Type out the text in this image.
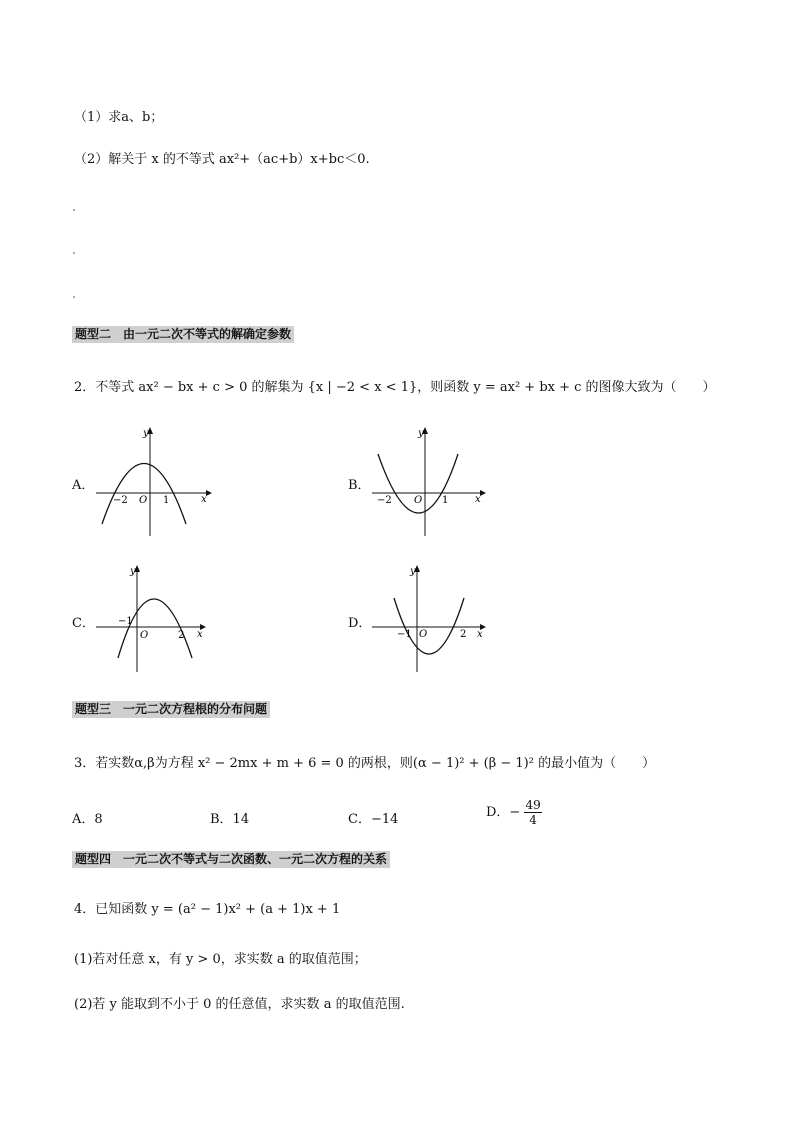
（1）求a、b；
（2）解关于 x 的不等式 ax²+（ac+b）x+bc＜0.
题型二　由一元二次不等式的解确定参数
2．不等式 ax² − bx + c > 0 的解集为 {x | −2 < x < 1}，则函数 y = ax² + bx + c 的图像大致为（　　）
A．
y
x
−2 O 1
B．
y
x
−2 O 1
C．
y
x
−1
O	2
D．
y
x
−1 O	2
题型三　一元二次方程根的分布问题
3．若实数α,β为方程 x² − 2mx + m + 6 = 0 的两根，则(α − 1)² + (β − 1)² 的最小值为（　　）
A．8	B．14	C．−14	D．− $\frac{49}{4}$
题型四　一元二次不等式与二次函数、一元二次方程的关系
4．已知函数 y = (a² − 1)x² + (a + 1)x + 1
(1)若对任意 x，有 y > 0，求实数 a 的取值范围；
(2)若 y 能取到不小于 0 的任意值，求实数 a 的取值范围.
